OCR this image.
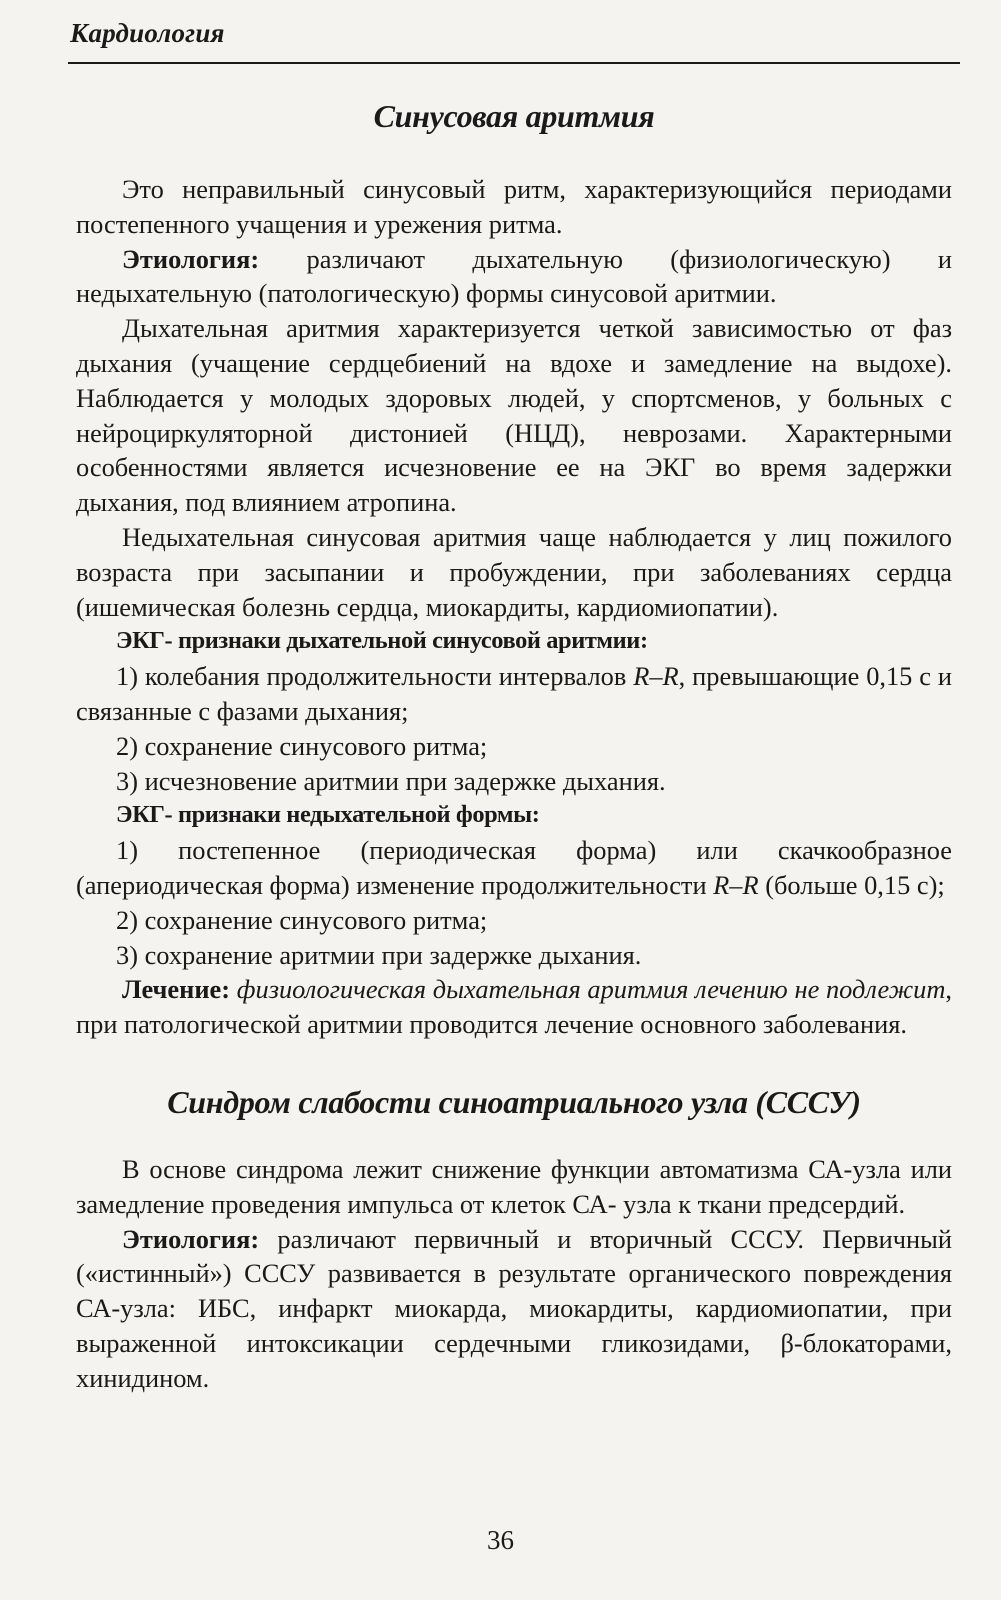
Кардиология
Синусовая аритмия

Это неправильный синусовый ритм, характеризующийся периодами постепенного учащения и урежения ритма.

Этиология: различают дыхательную (физиологическую) и недыхательную (патологическую) формы синусовой аритмии.

Дыхательная аритмия характеризуется четкой зависимостью от фаз дыхания (учащение сердцебиений на вдохе и замедление на выдохе). Наблюдается у молодых здоровых людей, у спортсменов, у больных с нейроциркуляторной дистонией (НЦД), неврозами. Характерными особенностями является исчезновение ее на ЭКГ во время задержки дыхания, под влиянием атропина.

Недыхательная синусовая аритмия чаще наблюдается у лиц пожилого возраста при засыпании и пробуждении, при заболеваниях сердца (ишемическая болезнь сердца, миокардиты, кардиомиопатии).

ЭКГ- признаки дыхательной синусовой аритмии:

1) колебания продолжительности интервалов R–R, превышающие 0,15 с и связанные с фазами дыхания;

2) сохранение синусового ритма;

3) исчезновение аритмии при задержке дыхания.

ЭКГ- признаки недыхательной формы:

1) постепенное (периодическая форма) или скачкообразное (апериодическая форма) изменение продолжительности R–R (больше 0,15 с);

2) сохранение синусового ритма;

3) сохранение аритмии при задержке дыхания.

Лечение: физиологическая дыхательная аритмия лечению не подлежит, при патологической аритмии проводится лечение основного заболевания.

Синдром слабости синоатриального узла (СССУ)

В основе синдрома лежит снижение функции автоматизма СА-узла или замедление проведения импульса от клеток СА- узла к ткани предсердий.

Этиология: различают первичный и вторичный СССУ. Первичный («истинный») СССУ развивается в результате органического повреждения СА-узла: ИБС, инфаркт миокарда, миокардиты, кардиомиопатии, при выраженной интоксикации сердечными гликозидами, β-блокаторами, хинидином.

36
